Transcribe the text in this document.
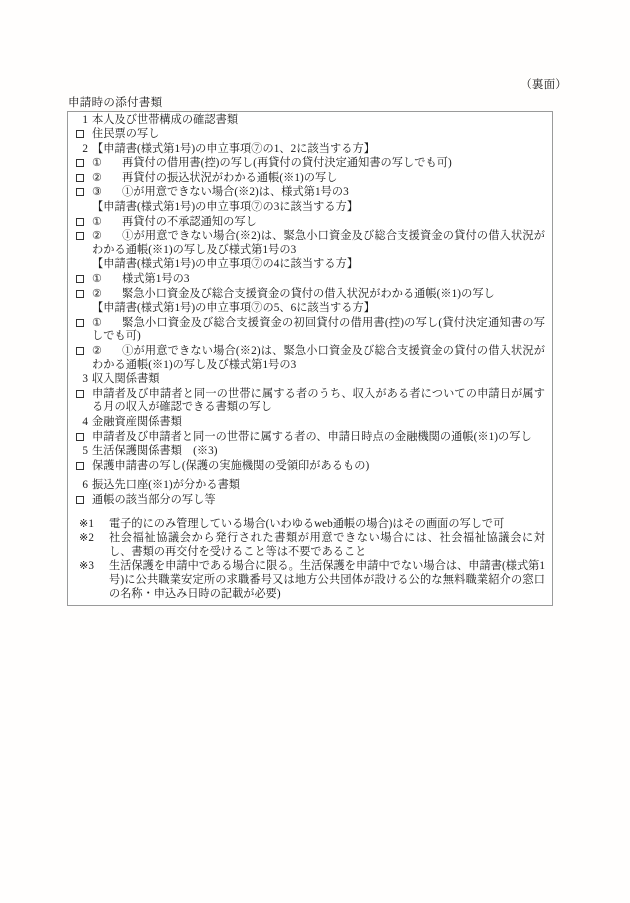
（裏面）
申請時の添付書類
1 本人及び世帯構成の確認書類
住民票の写し
2 【申請書(様式第1号)の申立事項⑦の1、2に該当する方】
① 再貸付の借用書(控)の写し(再貸付の貸付決定通知書の写しでも可)
② 再貸付の振込状況がわかる通帳(※1)の写し
③ ①が用意できない場合(※2)は、様式第1号の3
【申請書(様式第1号)の申立事項⑦の3に該当する方】
① 再貸付の不承認通知の写し
② ①が用意できない場合(※2)は、緊急小口資金及び総合支援資金の貸付の借入状況がわかる通帳(※1)の写し及び様式第1号の3
【申請書(様式第1号)の申立事項⑦の4に該当する方】
① 様式第1号の3
② 緊急小口資金及び総合支援資金の貸付の借入状況がわかる通帳(※1)の写し
【申請書(様式第1号)の申立事項⑦の5、6に該当する方】
① 緊急小口資金及び総合支援資金の初回貸付の借用書(控)の写し(貸付決定通知書の写しでも可)
② ①が用意できない場合(※2)は、緊急小口資金及び総合支援資金の貸付の借入状況がわかる通帳(※1)の写し及び様式第1号の3
3 収入関係書類
申請者及び申請者と同一の世帯に属する者のうち、収入がある者についての申請日が属する月の収入が確認できる書類の写し
4 金融資産関係書類
申請者及び申請者と同一の世帯に属する者の、申請日時点の金融機関の通帳(※1)の写し
5 生活保護関係書類　(※3)
保護申請書の写し(保護の実施機関の受領印があるもの)
6 振込先口座(※1)が分かる書類
通帳の該当部分の写し等
※1	電子的にのみ管理している場合(いわゆるweb通帳の場合)はその画面の写しで可
※2	社会福祉協議会から発行された書類が用意できない場合には、社会福祉協議会に対し、書類の再交付を受けること等は不要であること
※3	生活保護を申請中である場合に限る。生活保護を申請中でない場合は、申請書(様式第1号)に公共職業安定所の求職番号又は地方公共団体が設ける公的な無料職業紹介の窓口の名称・申込み日時の記載が必要)
